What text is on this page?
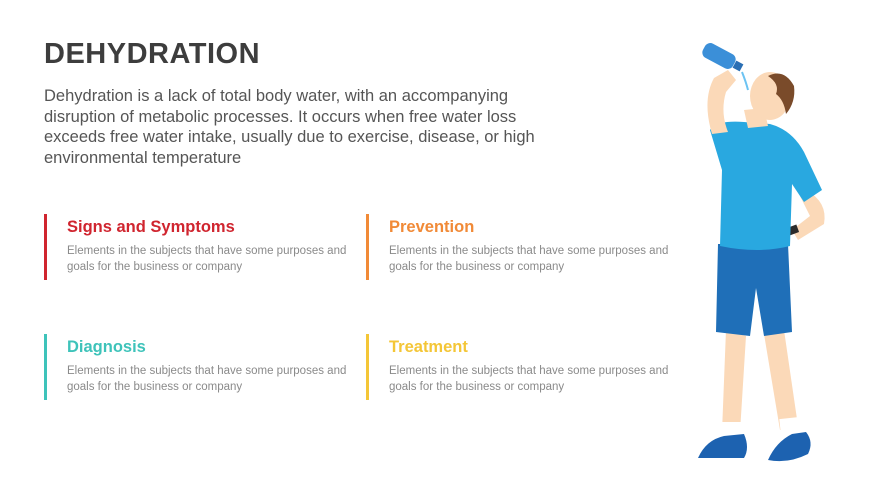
DEHYDRATION

Dehydration is a lack of total body water, with an accompanying disruption of metabolic processes. It occurs when free water loss exceeds free water intake, usually due to exercise, disease, or high environmental temperature

Signs and Symptoms

Elements in the subjects that have some purposes and goals for the business or company

Prevention

Elements in the subjects that have some purposes and goals for the business or company

Diagnosis

Elements in the subjects that have some purposes and goals for the business or company

Treatment

Elements in the subjects that have some purposes and goals for the business or company
